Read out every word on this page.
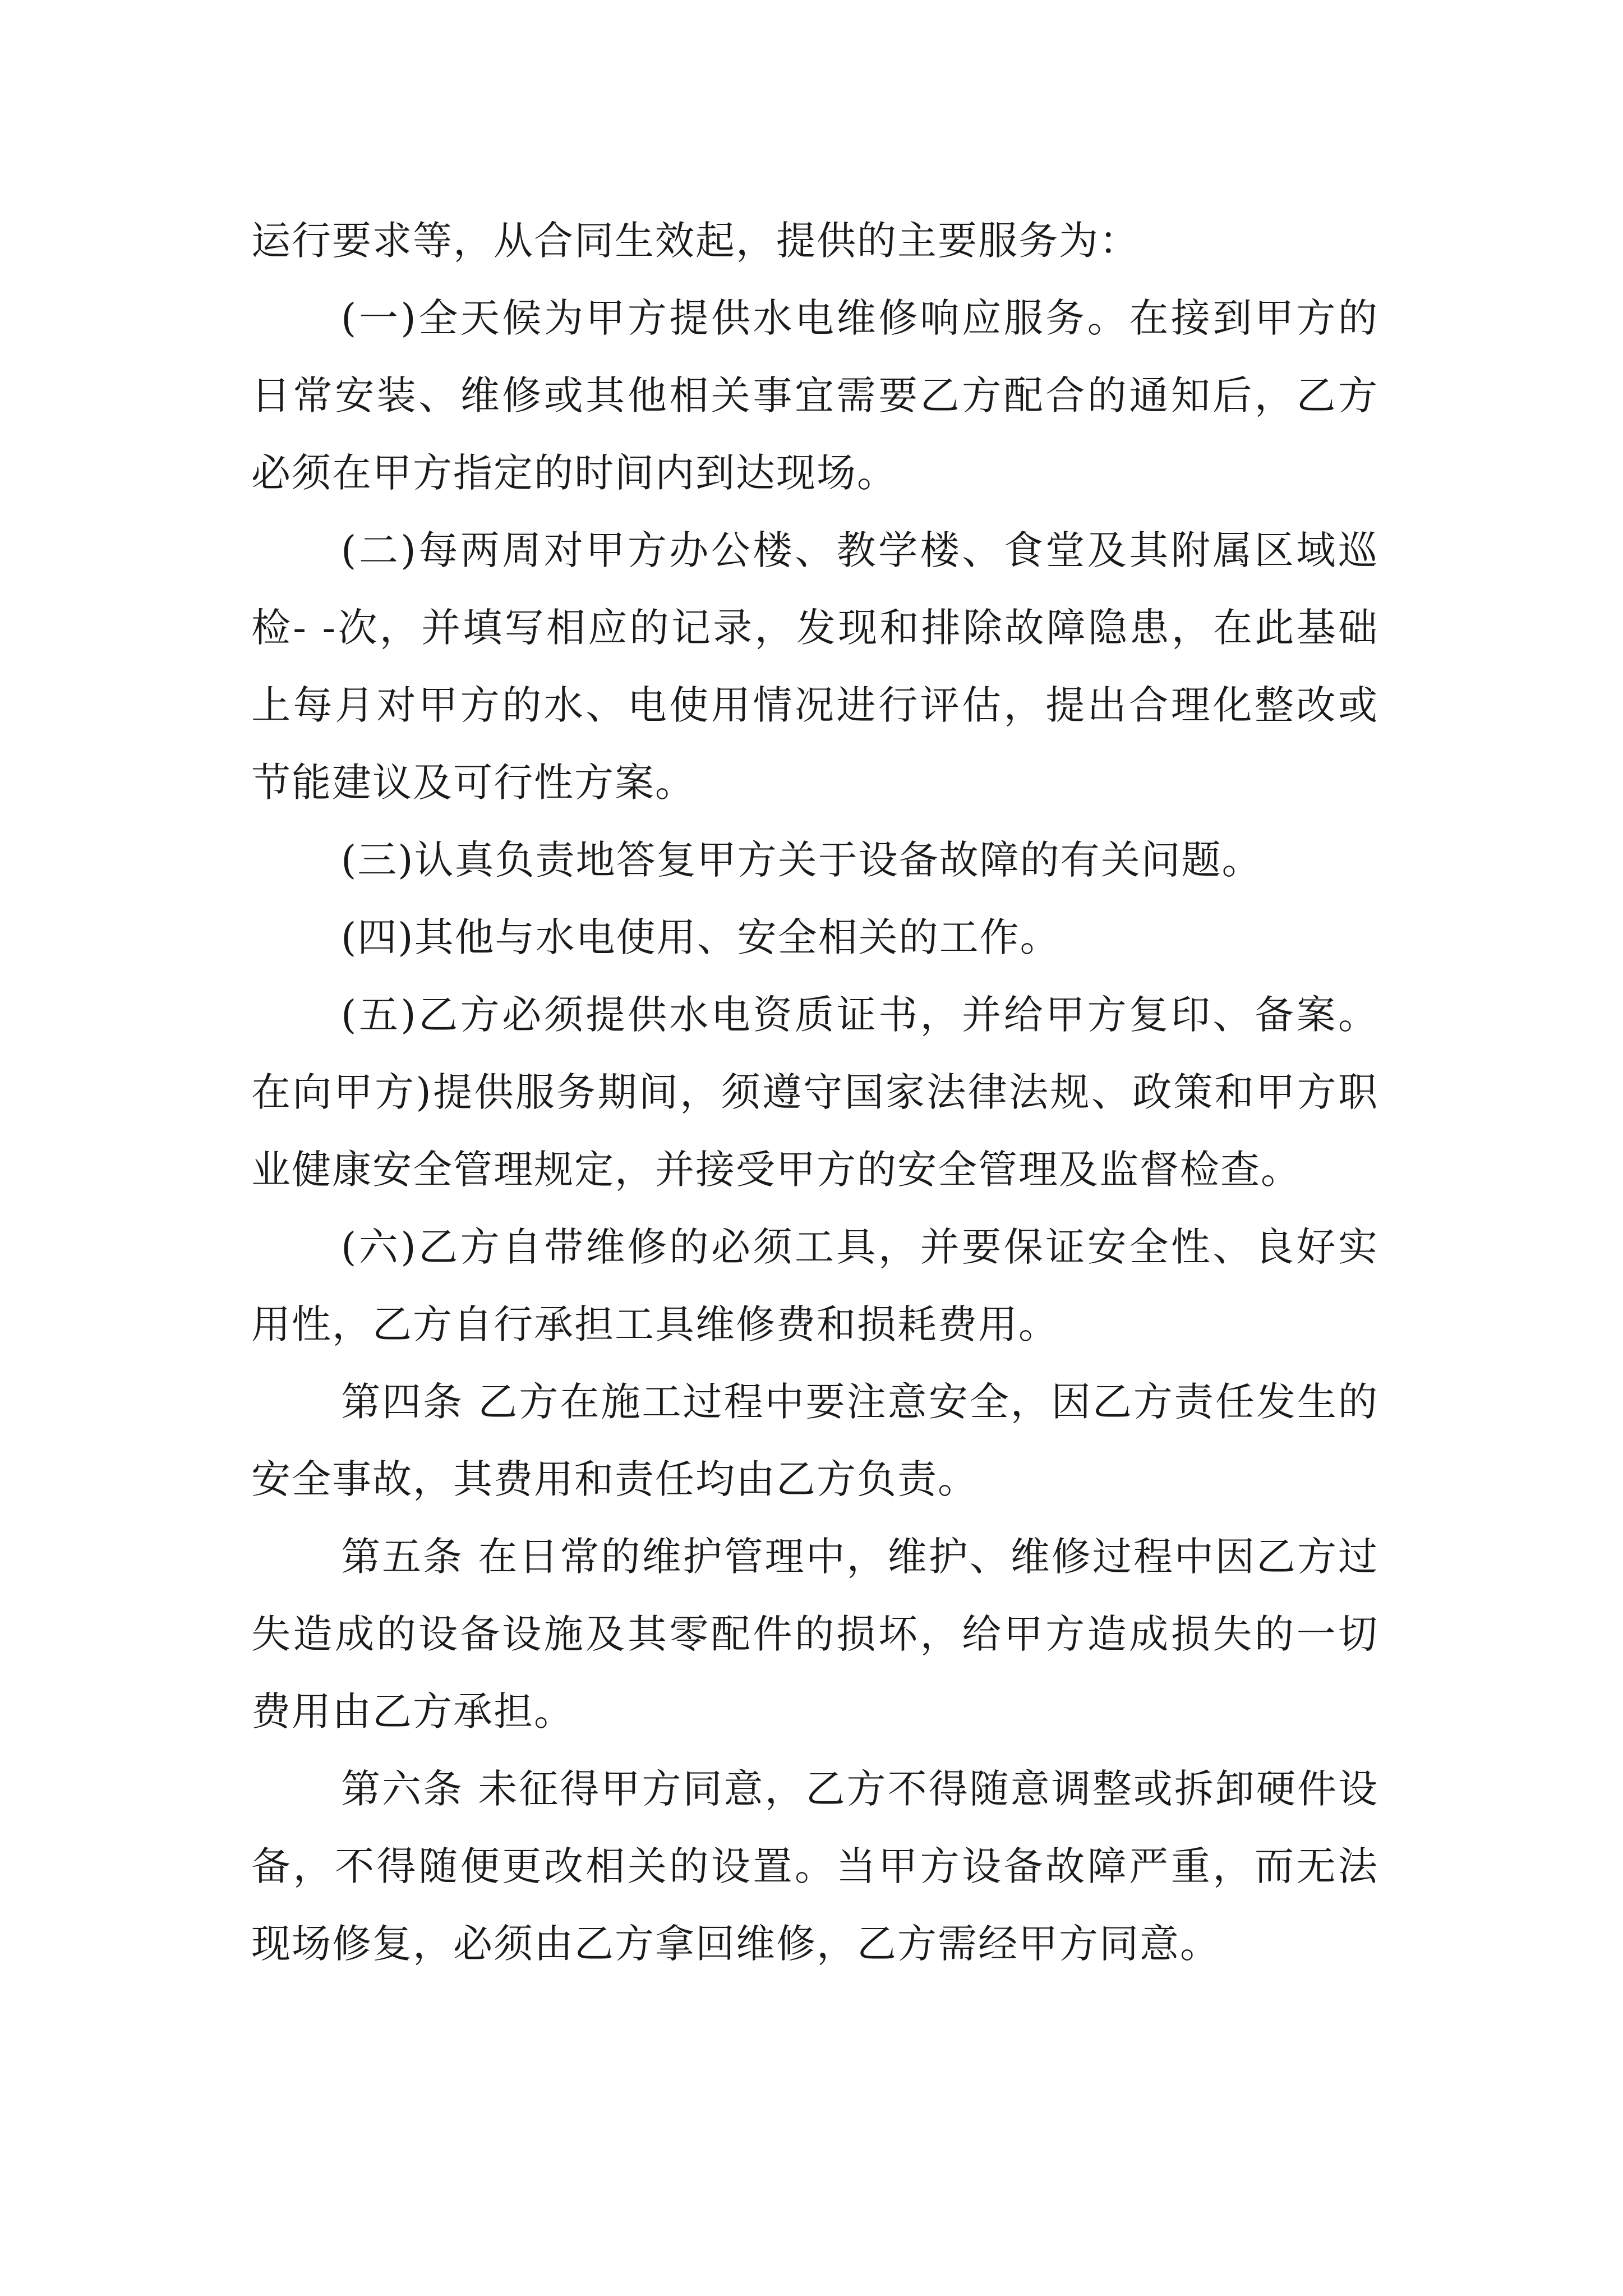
运行要求等，从合同生效起，提供的主要服务为：

(一)全天候为甲方提供水电维修响应服务。在接到甲方的日常安装、维修或其他相关事宜需要乙方配合的通知后，乙方必须在甲方指定的时间内到达现场。

(二)每两周对甲方办公楼、教学楼、食堂及其附属区域巡检- -次，并填写相应的记录，发现和排除故障隐患，在此基础上每月对甲方的水、电使用情况进行评估，提出合理化整改或节能建议及可行性方案。

(三)认真负责地答复甲方关于设备故障的有关问题。

(四)其他与水电使用、安全相关的工作。

(五)乙方必须提供水电资质证书，并给甲方复印、备案。在向甲方)提供服务期间，须遵守国家法律法规、政策和甲方职业健康安全管理规定，并接受甲方的安全管理及监督检查。

(六)乙方自带维修的必须工具，并要保证安全性、良好实用性，乙方自行承担工具维修费和损耗费用。

第四条 乙方在施工过程中要注意安全，因乙方责任发生的安全事故，其费用和责任均由乙方负责。

第五条 在日常的维护管理中，维护、维修过程中因乙方过失造成的设备设施及其零配件的损坏，给甲方造成损失的一切费用由乙方承担。

第六条 未征得甲方同意，乙方不得随意调整或拆卸硬件设备，不得随便更改相关的设置。当甲方设备故障严重，而无法现场修复，必须由乙方拿回维修，乙方需经甲方同意。
